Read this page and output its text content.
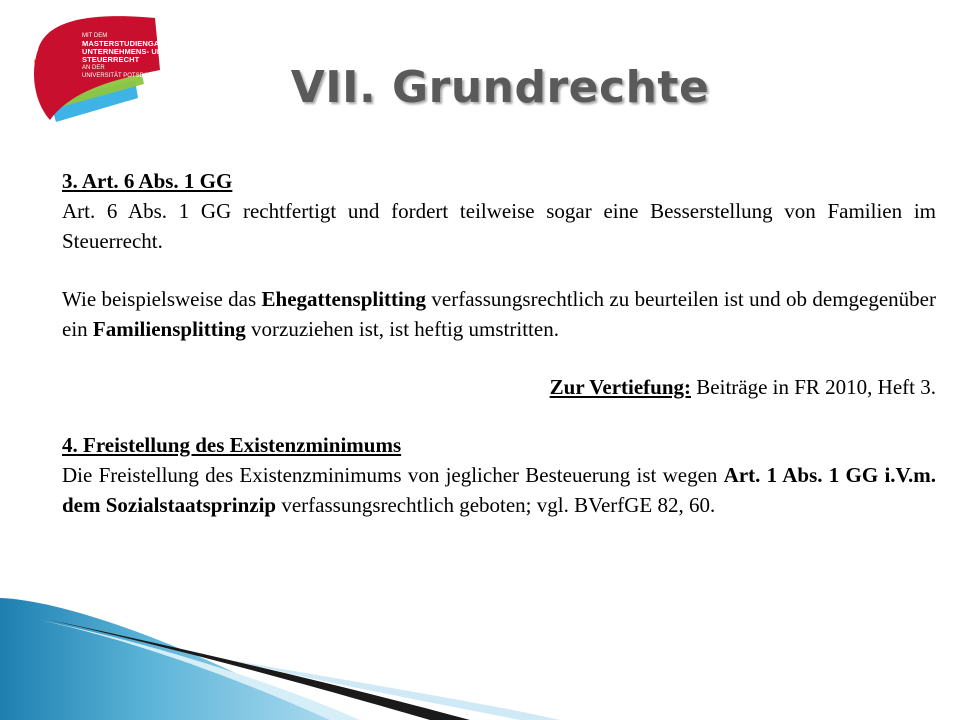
MIT DEM
MASTERSTUDIENGANG
UNTERNEHMENS- UND
STEUERRECHT
AN DER
UNIVERSITÄT POTSDAM	VII. Grundrechte

3. Art. 6 Abs. 1 GG

Art. 6 Abs. 1 GG rechtfertigt und fordert teilweise sogar eine Besserstellung von Familien im Steuerrecht.

Wie beispielsweise das Ehegattensplitting verfassungsrechtlich zu beurteilen ist und ob demgegenüber ein Familiensplitting vorzuziehen ist, ist heftig umstritten.

Zur Vertiefung: Beiträge in FR 2010, Heft 3.

4. Freistellung des Existenzminimums

Die Freistellung des Existenzminimums von jeglicher Besteuerung ist wegen Art. 1 Abs. 1 GG i.V.m. dem Sozialstaatsprinzip verfassungsrechtlich geboten; vgl. BVerfGE 82, 60.
